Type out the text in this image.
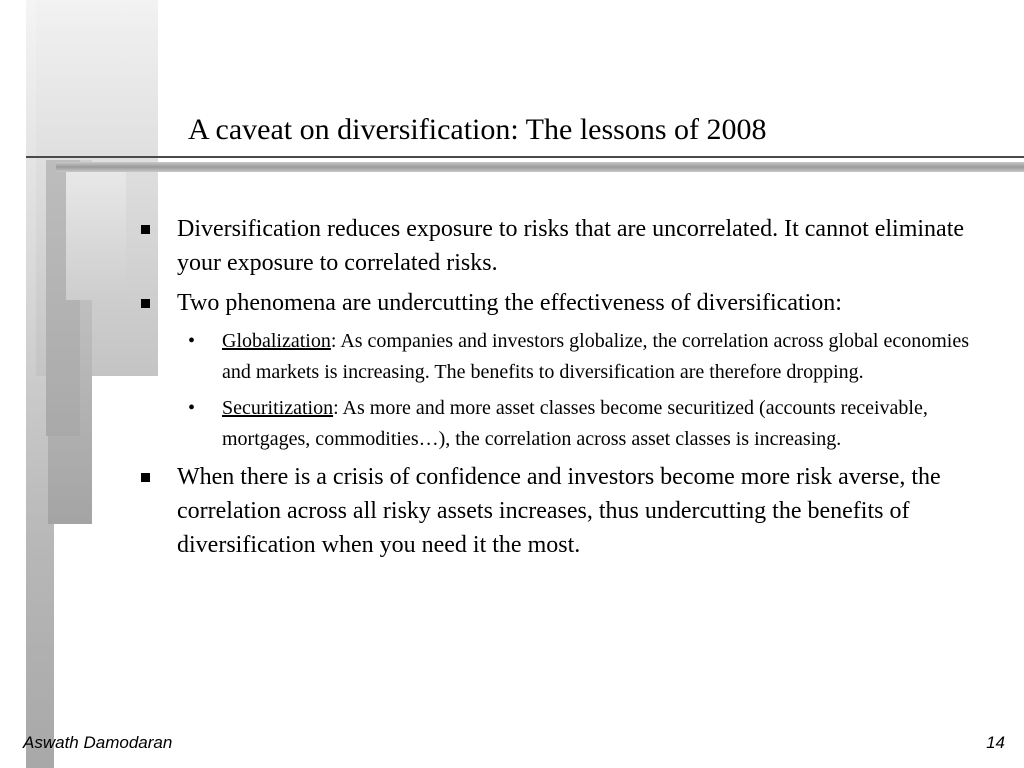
A caveat on diversification: The lessons of 2008
Diversification reduces exposure to risks that are uncorrelated. It cannot eliminate your exposure to correlated risks.
Two phenomena are undercutting the effectiveness of diversification:
• Globalization: As companies and investors globalize, the correlation across global economies and markets is increasing. The benefits to diversification are therefore dropping.
• Securitization: As more and more asset classes become securitized (accounts receivable, mortgages, commodities…), the correlation across asset classes is increasing.
When there is a crisis of confidence and investors become more risk averse, the correlation across all risky assets increases, thus undercutting the benefits of diversification when you need it the most.
Aswath Damodaran	14
